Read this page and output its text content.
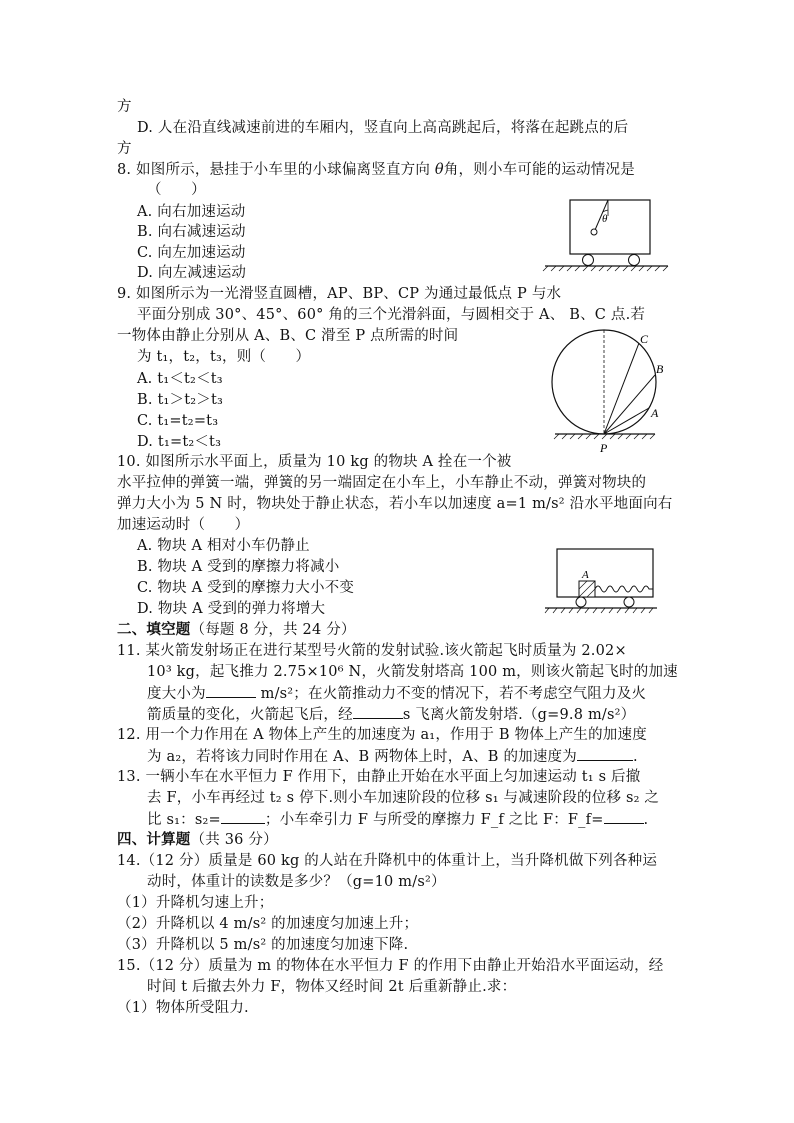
方
D. 人在沿直线减速前进的车厢内，竖直向上高高跳起后，将落在起跳点的后
方
8. 如图所示，悬挂于小车里的小球偏离竖直方向 θ角，则小车可能的运动情况是
（　　）
A. 向右加速运动
B. 向右减速运动
C. 向左加速运动
D. 向左减速运动
θ
9. 如图所示为一光滑竖直圆槽，AP、BP、CP 为通过最低点 P 与水
平面分别成 30°、45°、60° 角的三个光滑斜面，与圆相交于 A、 B、C 点.若
一物体由静止分别从 A、B、C 滑至 P 点所需的时间
为 t₁，t₂，t₃，则（　　）
A. t₁＜t₂＜t₃
B. t₁＞t₂＞t₃
C. t₁=t₂=t₃
D. t₁=t₂＜t₃
C
B
A
P
10. 如图所示水平面上，质量为 10 kg 的物块 A 拴在一个被
水平拉伸的弹簧一端，弹簧的另一端固定在小车上，小车静止不动，弹簧对物块的
弹力大小为 5 N 时，物块处于静止状态，若小车以加速度 a=1 m/s² 沿水平地面向右
加速运动时（　　）
A. 物块 A 相对小车仍静止
B. 物块 A 受到的摩擦力将减小
C. 物块 A 受到的摩擦力大小不变
D. 物块 A 受到的弹力将增大
A
二、填空题（每题 8 分，共 24 分）
11. 某火箭发射场正在进行某型号火箭的发射试验.该火箭起飞时质量为 2.02×
10³ kg，起飞推力 2.75×10⁶ N，火箭发射塔高 100 m，则该火箭起飞时的加速
度大小为	m/s²；在火箭推动力不变的情况下，若不考虑空气阻力及火
箭质量的变化，火箭起飞后，经	s 飞离火箭发射塔.（g=9.8 m/s²）
12. 用一个力作用在 A 物体上产生的加速度为 a₁，作用于 B 物体上产生的加速度
为 a₂，若将该力同时作用在 A、B 两物体上时，A、B 的加速度为	.
13. 一辆小车在水平恒力 F 作用下，由静止开始在水平面上匀加速运动 t₁ s 后撤
去 F，小车再经过 t₂ s 停下.则小车加速阶段的位移 s₁ 与减速阶段的位移 s₂ 之
比 s₁：s₂=	；小车牵引力 F 与所受的摩擦力 F_f 之比 F：F_f=	.
四、计算题（共 36 分）
14.（12 分）质量是 60 kg 的人站在升降机中的体重计上，当升降机做下列各种运
动时，体重计的读数是多少？（g=10 m/s²）
（1）升降机匀速上升；
（2）升降机以 4 m/s² 的加速度匀加速上升；
（3）升降机以 5 m/s² 的加速度匀加速下降.
15.（12 分）质量为 m 的物体在水平恒力 F 的作用下由静止开始沿水平面运动，经
时间 t 后撤去外力 F，物体又经时间 2t 后重新静止.求：
（1）物体所受阻力.
